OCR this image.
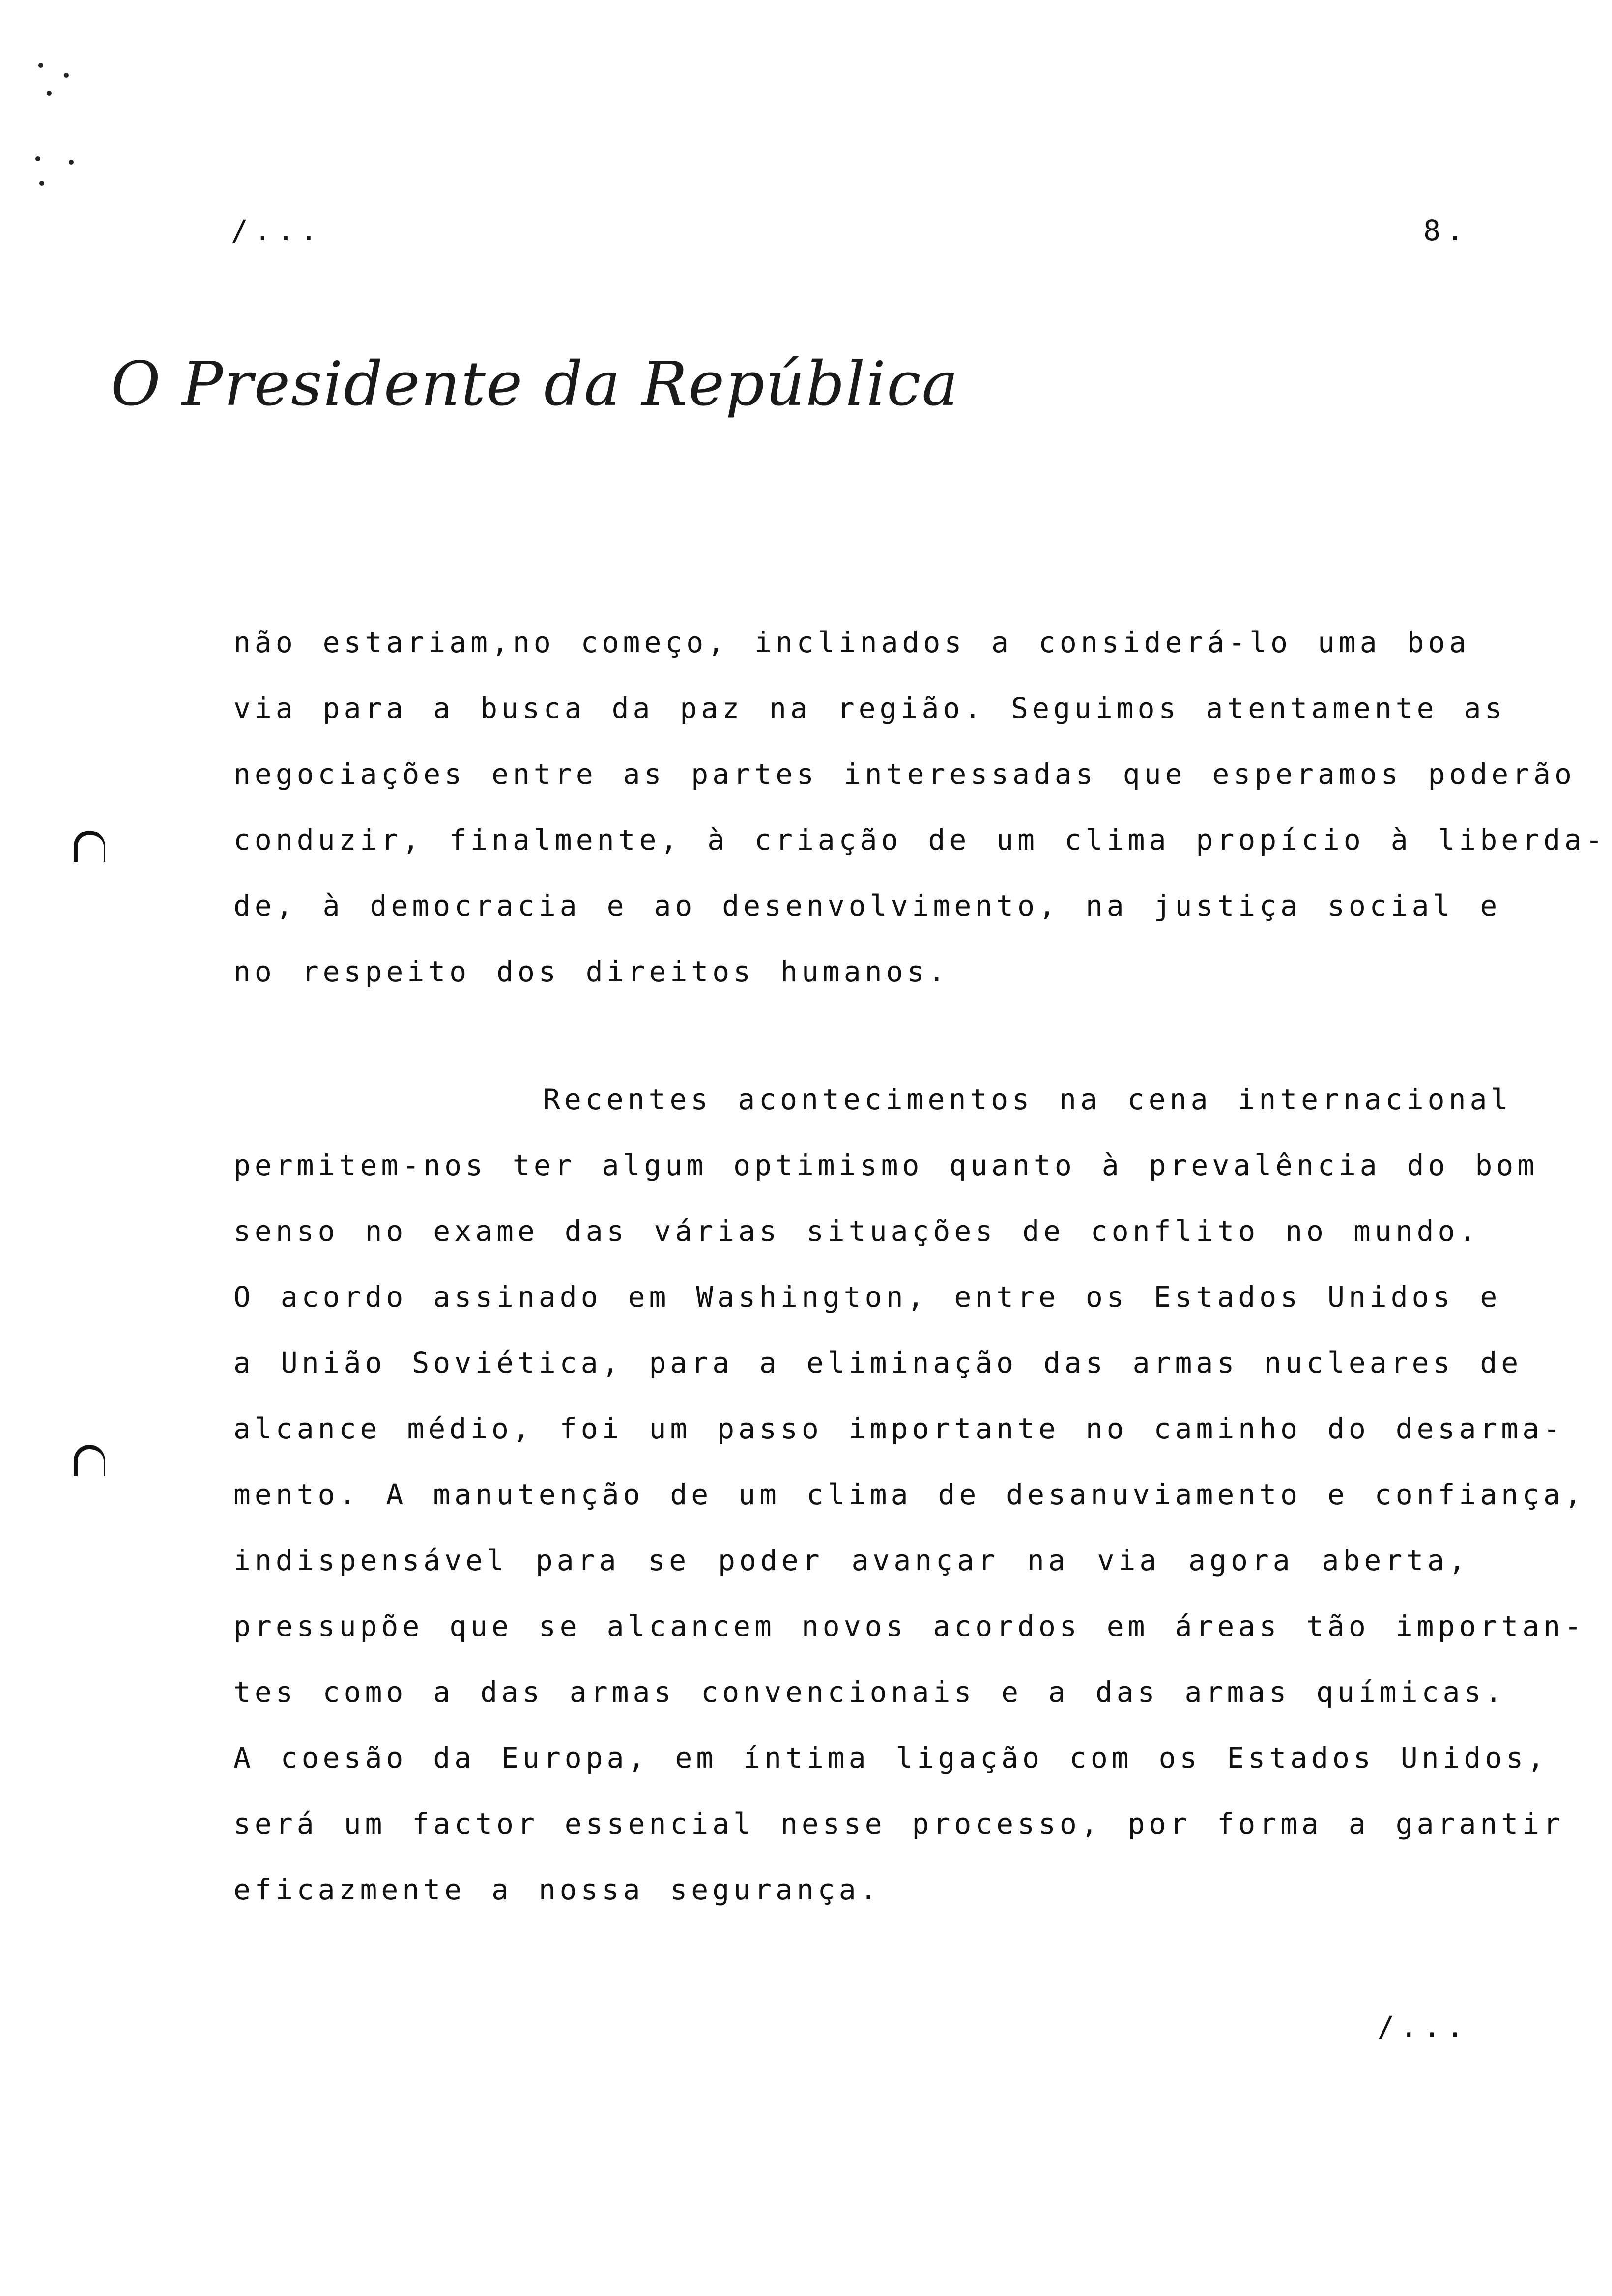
/...	8.
O Presidente da República
não estariam,no começo, inclinados a considerá-lo uma boa
via para a busca da paz na região. Seguimos atentamente as
negociações entre as partes interessadas que esperamos poderão
conduzir, finalmente, à criação de um clima propício à liberda-
de, à democracia e ao desenvolvimento, na justiça social e
no respeito dos direitos humanos.
Recentes acontecimentos na cena internacional
permitem-nos ter algum optimismo quanto à prevalência do bom
senso no exame das várias situações de conflito no mundo.
O acordo assinado em Washington, entre os Estados Unidos e
a União Soviética, para a eliminação das armas nucleares de
alcance médio, foi um passo importante no caminho do desarma-
mento. A manutenção de um clima de desanuviamento e confiança,
indispensável para se poder avançar na via agora aberta,
pressupõe que se alcancem novos acordos em áreas tão importan-
tes como a das armas convencionais e a das armas químicas.
A coesão da Europa, em íntima ligação com os Estados Unidos,
será um factor essencial nesse processo, por forma a garantir
eficazmente a nossa segurança.
/...
